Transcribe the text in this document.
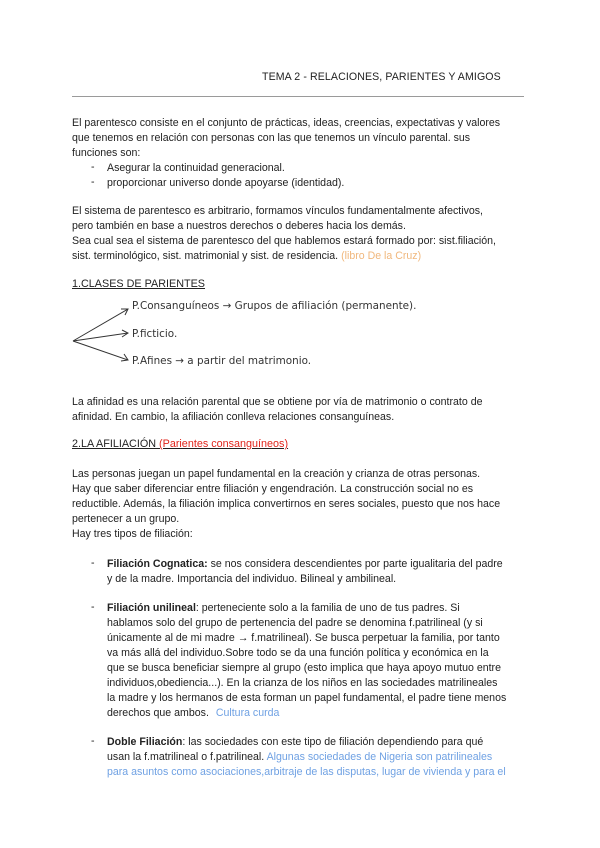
TEMA 2 - RELACIONES, PARIENTES Y AMIGOS
El parentesco consiste en el conjunto de prácticas, ideas, creencias, expectativas y valores
que tenemos en relación con personas con las que tenemos un vínculo parental. sus
funciones son:
- Asegurar la continuidad generacional.
- proporcionar universo donde apoyarse (identidad).
El sistema de parentesco es arbitrario, formamos vínculos fundamentalmente afectivos,
pero también en base a nuestros derechos o deberes hacia los demás.
Sea cual sea el sistema de parentesco del que hablemos estará formado por: sist.filiación,
sist. terminológico, sist. matrimonial y sist. de residencia. (libro De la Cruz)
1.CLASES DE PARIENTES
P.Consanguíneos → Grupos de afiliación (permanente).
P.ficticio.
P.Afines → a partir del matrimonio.
La afinidad es una relación parental que se obtiene por vía de matrimonio o contrato de
afinidad. En cambio, la afiliación conlleva relaciones consanguíneas.
2.LA AFILIACIÓN (Parientes consanguíneos)
Las personas juegan un papel fundamental en la creación y crianza de otras personas.
Hay que saber diferenciar entre filiación y engendración. La construcción social no es
reductible. Además, la filiación implica convertirnos en seres sociales, puesto que nos hace
pertenecer a un grupo.
Hay tres tipos de filiación:
- Filiación Cognatica: se nos considera descendientes por parte igualitaria del padre
y de la madre. Importancia del individuo. Bilineal y ambilineal.
- Filiación unilineal: perteneciente solo a la familia de uno de tus padres. Si
hablamos solo del grupo de pertenencia del padre se denomina f.patrilineal (y si
únicamente al de mi madre → f.matrilineal). Se busca perpetuar la familia, por tanto
va más allá del individuo.Sobre todo se da una función política y económica en la
que se busca beneficiar siempre al grupo (esto implica que haya apoyo mutuo entre
individuos,obediencia...). En la crianza de los niños en las sociedades matrilineales
la madre y los hermanos de esta forman un papel fundamental, el padre tiene menos
derechos que ambos. Cultura curda
- Doble Filiación: las sociedades con este tipo de filiación dependiendo para qué
usan la f.matrilineal o f.patrilineal. Algunas sociedades de Nigeria son patrilineales
para asuntos como asociaciones,arbitraje de las disputas, lugar de vivienda y para el
